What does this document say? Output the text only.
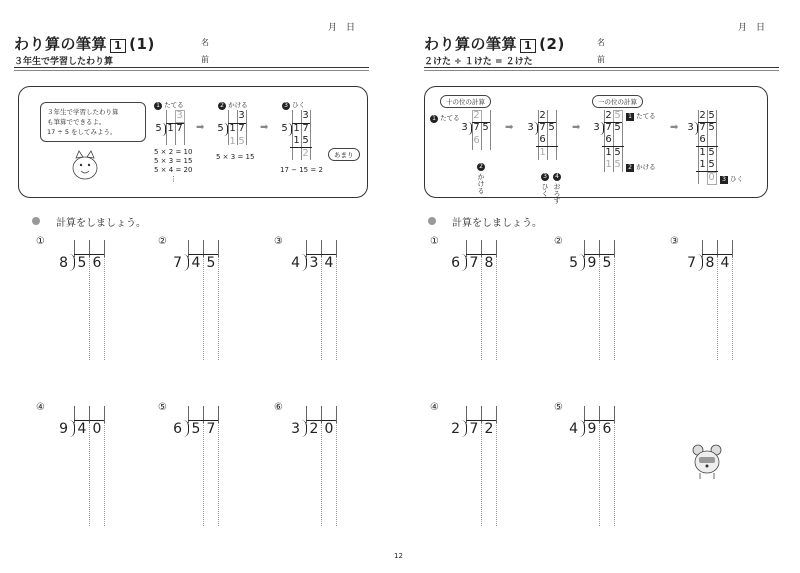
月　日
わり算の筆算 1 (1)	名
３年生で学習したわり算	前
３年生で学習したわり算
も筆算でできるよ。
17 ÷ 5 をしてみよう。
1 たてる	2 かける	3 ひく
3
5 1 7 ➡
3
5 1 7
1 5
➡
3
5 1 7
1 5
2	あまり
5 × 2 = 10
5 × 3 = 15
5 × 4 = 20
⋮
5 × 3 = 15
17 − 15 = 2
計算をしましょう。
①
8 5 6
②
7 4 5
③
4 3 4
④
9 4 0
⑤
6 5 7
⑥
3 2 0
月　日
わり算の筆算 1 (2)	名
２けた ÷ １けた = ２けた	前
十の位の計算	一の位の計算
1 たてる 2
3 7 5
6
➡
2
3 7 5
6
1
➡
2
かける	3
ひく
4
おろす
2 5
3 7 5
6
1 5
1 5
1 たてる
2 かける
➡
2 5
3 7 5
6
1 5
1 5
0	3 ひく
計算をしましょう。
①
6 7 8
②
5 9 5
③
7 8 4
④
2 7 2
⑤
4 9 6
12
